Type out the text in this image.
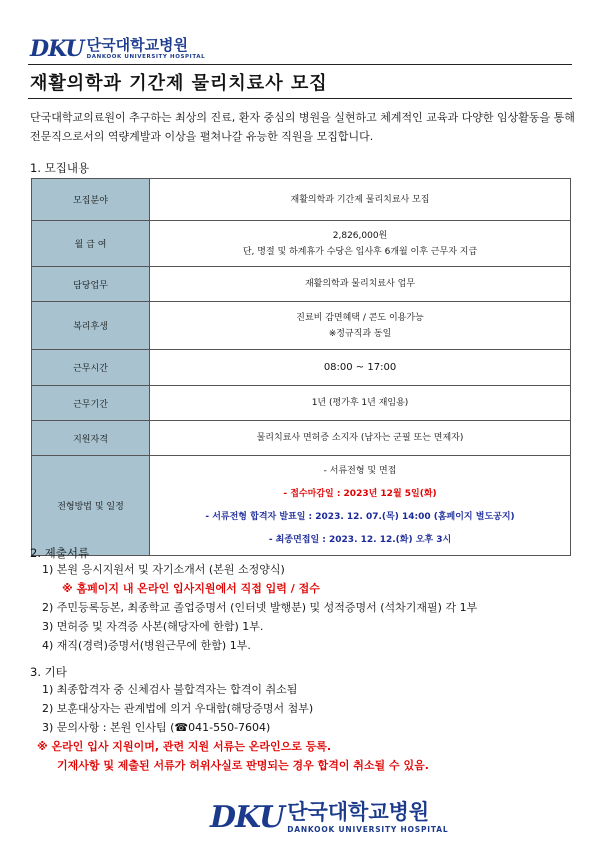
DKU 단국대학교병원
DANKOOK UNIVERSITY HOSPITAL
재활의학과 기간제 물리치료사 모집
단국대학교의료원이 추구하는 최상의 진료, 환자 중심의 병원을 실현하고 체계적인 교육과 다양한 임상활동을 통해 전문직으로서의 역량계발과 이상을 펼쳐나갈 유능한 직원을 모집합니다.
1. 모집내용
모집분야	재활의학과 기간제 물리치료사 모집

월 급 여	2,826,000원
단, 명절 및 하계휴가 수당은 입사후 6개월 이후 근무자 지급

담당업무	재활의학과 물리치료사 업무

복리후생	진료비 감면혜택 / 콘도 이용가능
※정규직과 동일

근무시간	08:00 ~ 17:00

근무기간	1년 (평가후 1년 재임용)

지원자격	물리치료사 면허증 소지자 (남자는 군필 또는 면제자)

전형방법 및 일정	- 서류전형 및 면접
- 접수마감일 : 2023년 12월 5일(화)
- 서류전형 합격자 발표일 : 2023. 12. 07.(목) 14:00 (홈페이지 별도공지)
- 최종면접일 : 2023. 12. 12.(화) 오후 3시
2. 제출서류
1) 본원 응시지원서 및 자기소개서 (본원 소정양식)
※ 홈페이지 내 온라인 입사지원에서 직접 입력 / 접수
2) 주민등록등본, 최종학교 졸업증명서 (인터넷 발행분) 및 성적증명서 (석차기재필) 각 1부
3) 면허증 및 자격증 사본(해당자에 한함) 1부.
4) 재직(경력)증명서(병원근무에 한함) 1부.
3. 기타
1) 최종합격자 중 신체검사 불합격자는 합격이 취소됨
2) 보훈대상자는 관계법에 의거 우대함(해당증명서 첨부)
3) 문의사항 : 본원 인사팀 (☎041-550-7604)
※ 온라인 입사 지원이며, 관련 지원 서류는 온라인으로 등록.
기재사항 및 제출된 서류가 허위사실로 판명되는 경우 합격이 취소될 수 있음.
DKU 단국대학교병원
DANKOOK UNIVERSITY HOSPITAL
